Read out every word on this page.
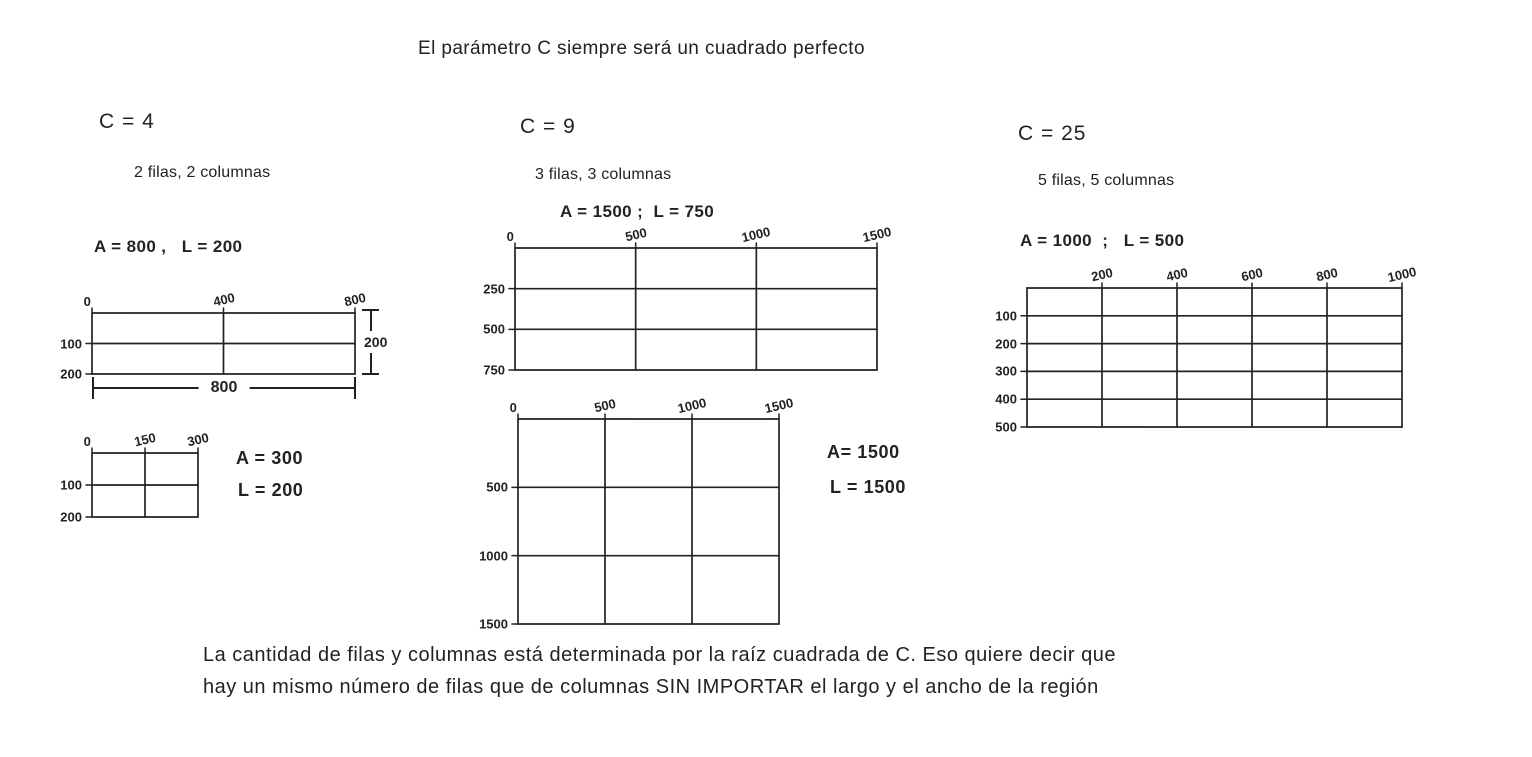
El parámetro C siempre será un cuadrado perfecto
C = 4
2 filas, 2 columnas
A = 800 ,   L = 200
0	400	800
100
200
800
200
0	150 300
100
200
A = 300
L = 200
C = 9
3 filas, 3 columnas
A = 1500 ;  L = 750
0	500	1000	1500
250
500
750
0	500	1000	1500
500
1000
1500
A= 1500
L = 1500
C = 25
5 filas, 5 columnas
A = 1000  ;   L = 500
200	400	600	800	1000
100
200
300
400
500
La cantidad de filas y columnas está determinada por la raíz cuadrada de C. Eso quiere decir que
hay un mismo número de filas que de columnas SIN IMPORTAR el largo y el ancho de la región
